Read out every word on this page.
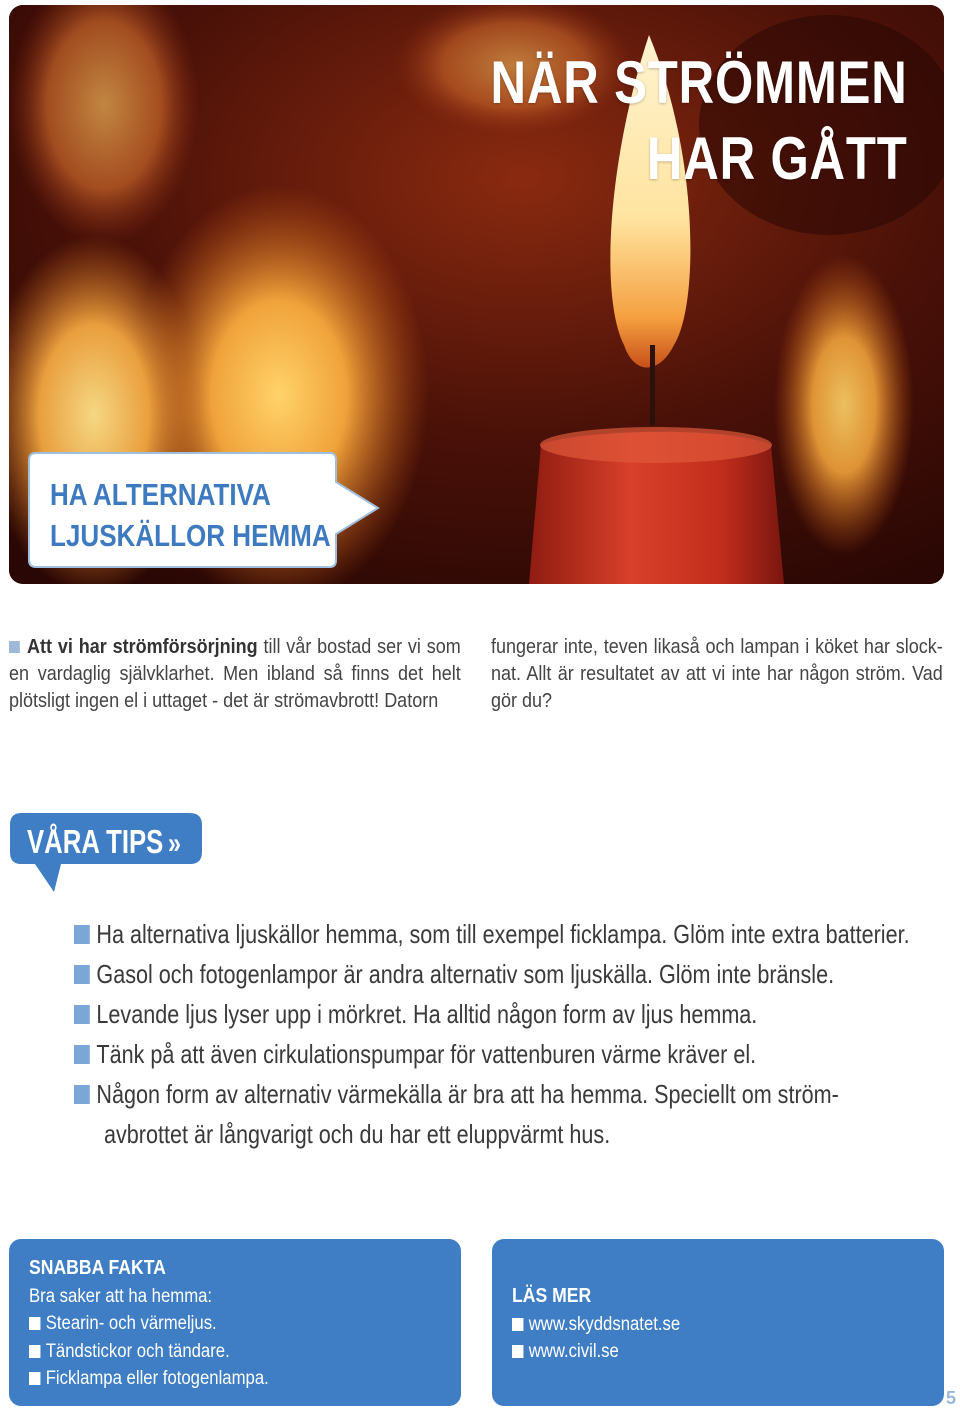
NÄR STRÖMMEN
HAR GÅTT
HA ALTERNATIVA
LJUSKÄLLOR HEMMA
Att vi har strömförsörjning till vår bostad ser vi som en vardaglig självklarhet. Men ibland så finns det helt plötsligt ingen el i uttaget - det är strömavbrott! Datorn
fungerar inte, teven likaså och lampan i köket har slock-nat. Allt är resultatet av att vi inte har någon ström. Vad gör du?
VÅRA TIPS »
Ha alternativa ljuskällor hemma, som till exempel ficklampa. Glöm inte extra batterier.
Gasol och fotogenlampor är andra alternativ som ljuskälla. Glöm inte bränsle.
Levande ljus lyser upp i mörkret. Ha alltid någon form av ljus hemma.
Tänk på att även cirkulationspumpar för vattenburen värme kräver el.
Någon form av alternativ värmekälla är bra att ha hemma. Speciellt om ström-
avbrottet är långvarigt och du har ett eluppvärmt hus.
SNABBA FAKTA
Bra saker att ha hemma:
Stearin- och värmeljus.
Tändstickor och tändare.
Ficklampa eller fotogenlampa.
LÄS MER
www.skyddsnatet.se
www.civil.se
5
